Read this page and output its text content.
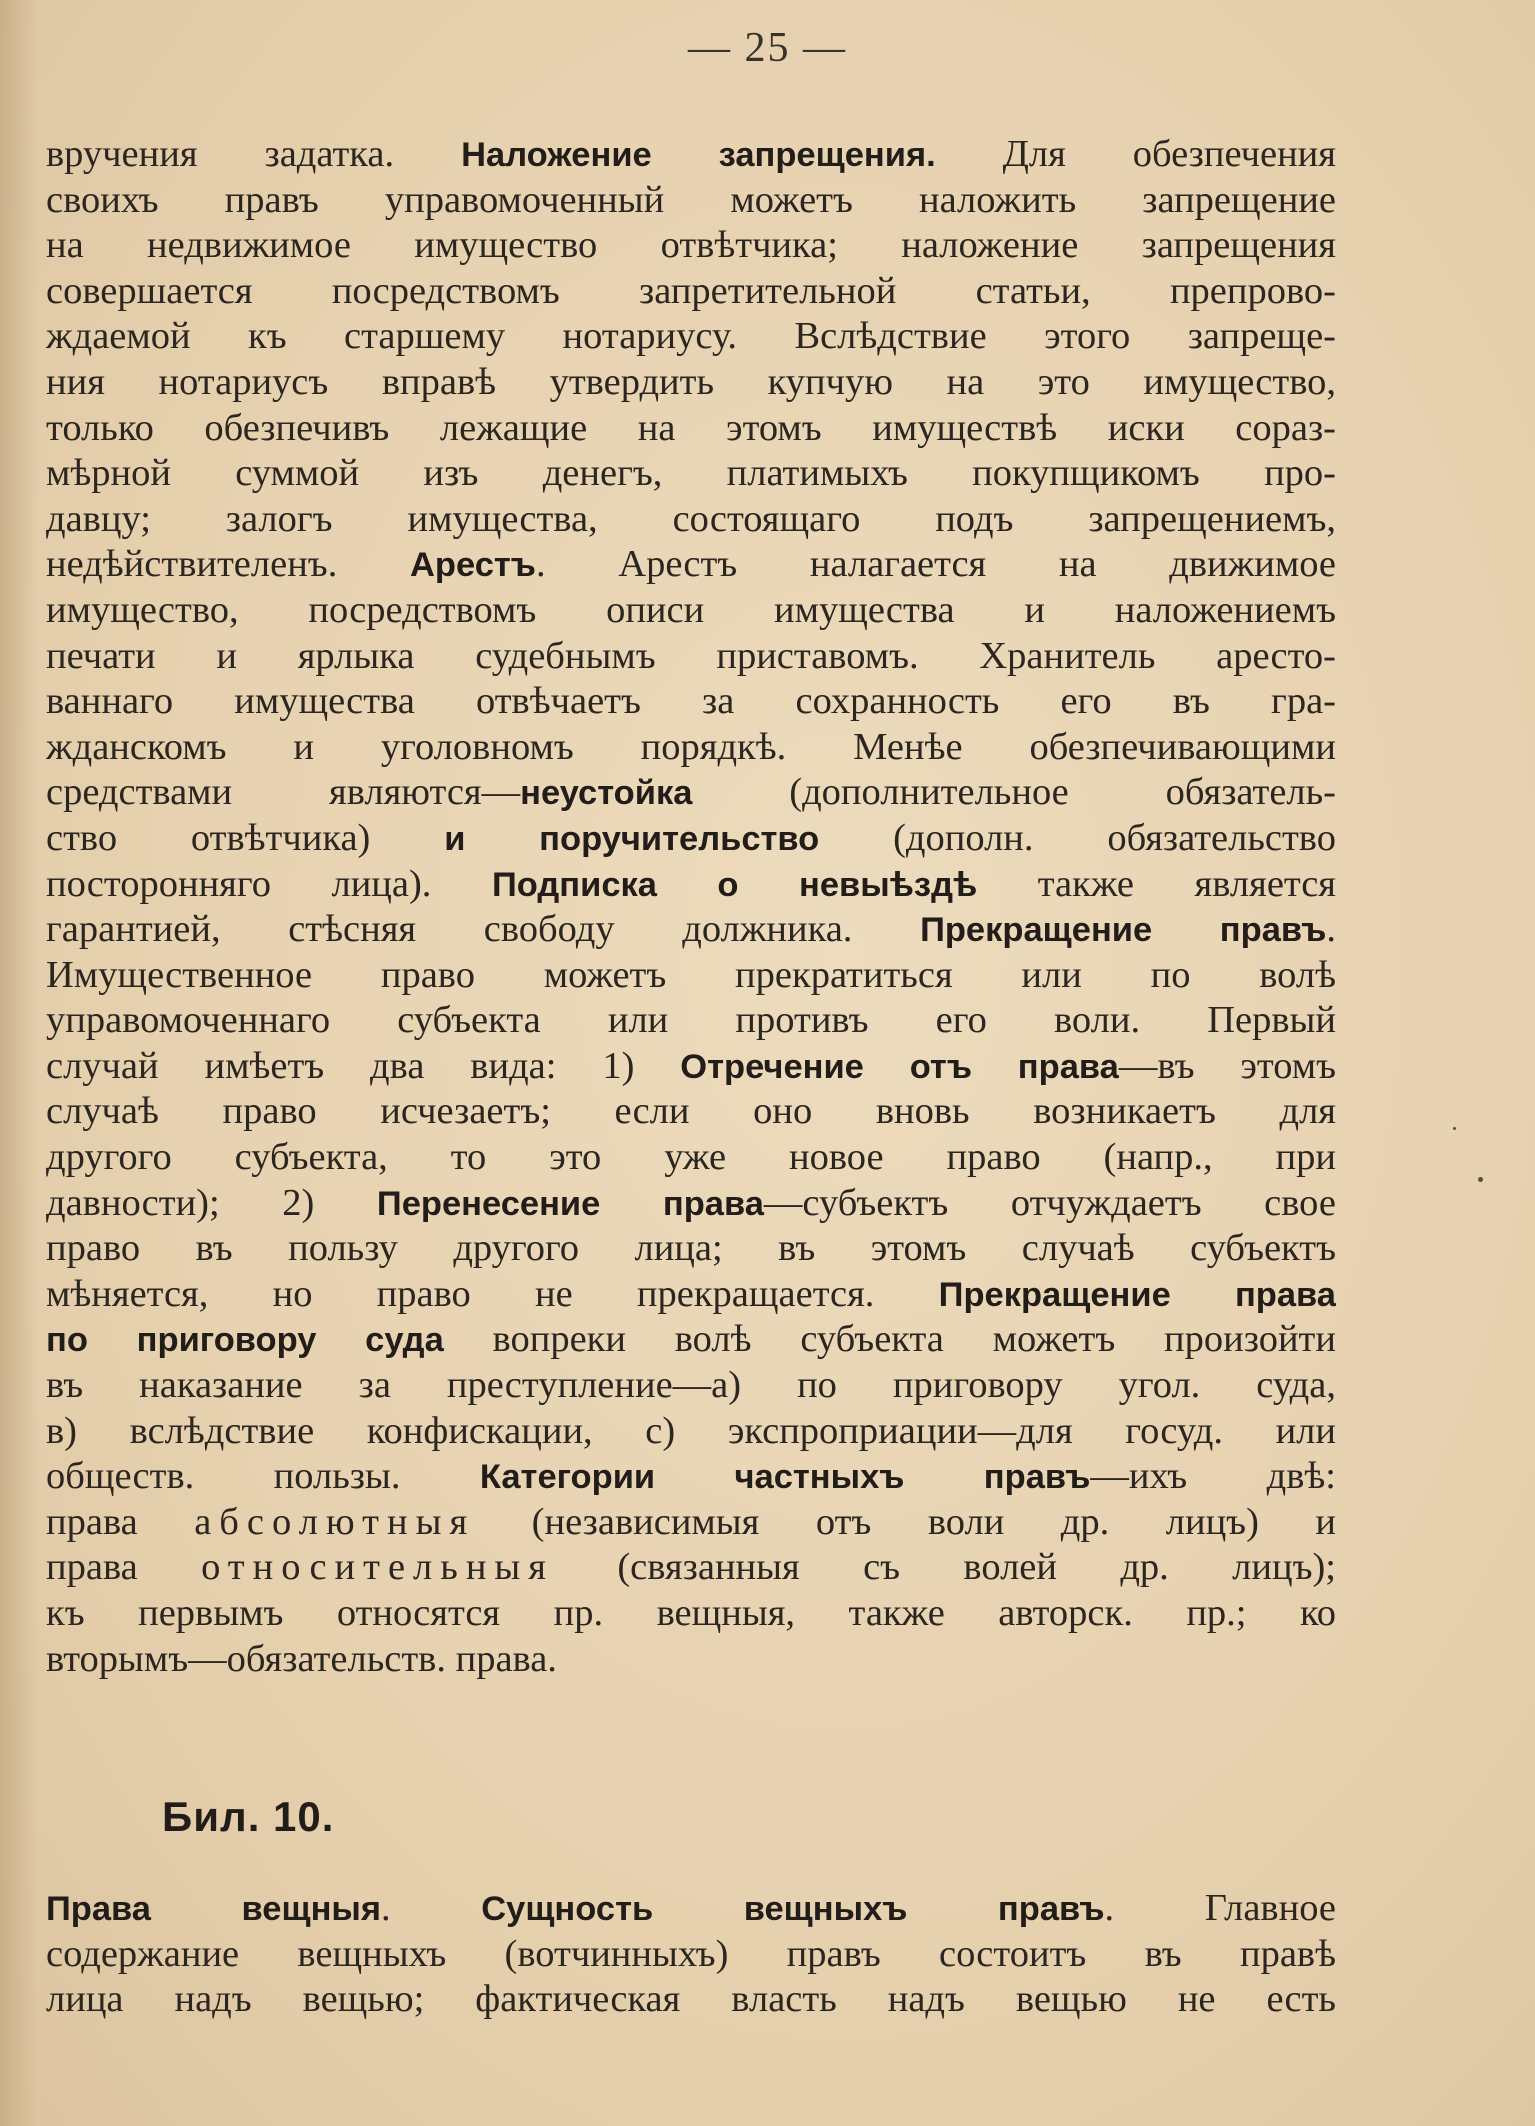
— 25 —
вручения задатка. Наложение запрещения. Для обезпечения
своихъ правъ управомоченный можетъ наложить запрещение
на недвижимое имущество отвѣтчика; наложение запрещения
совершается посредствомъ запретительной статьи, препрово-
ждаемой къ старшему нотариусу. Вслѣдствие этого запреще-
ния нотариусъ вправѣ утвердить купчую на это имущество,
только обезпечивъ лежащие на этомъ имуществѣ иски сораз-
мѣрной суммой изъ денегъ, платимыхъ покупщикомъ про-
давцу; залогъ имущества, состоящаго подъ запрещениемъ,
недѣйствителенъ. Арестъ. Арестъ налагается на движимое
имущество, посредствомъ описи имущества и наложениемъ
печати и ярлыка судебнымъ приставомъ. Хранитель аресто-
ваннаго имущества отвѣчаетъ за сохранность его въ гра-
жданскомъ и уголовномъ порядкѣ. Менѣе обезпечивающими
средствами являются—неустойка (дополнительное обязатель-
ство отвѣтчика) и поручительство (дополн. обязательство
посторонняго лица). Подписка о невыѣздѣ также является
гарантией, стѣсняя свободу должника. Прекращение правъ.
Имущественное право можетъ прекратиться или по волѣ
управомоченнаго субъекта или противъ его воли. Первый
случай имѣетъ два вида: 1) Отречение отъ права—въ этомъ
случаѣ право исчезаетъ; если оно вновь возникаетъ для
другого субъекта, то это уже новое право (напр., при
давности); 2) Перенесение права—субъектъ отчуждаетъ свое
право въ пользу другого лица; въ этомъ случаѣ субъектъ
мѣняется, но право не прекращается. Прекращение права
по приговору суда вопреки волѣ субъекта можетъ произойти
въ наказание за преступление—а) по приговору угол. суда,
в) вслѣдствие конфискации, с) экспроприации—для госуд. или
обществ. пользы. Категории частныхъ правъ—ихъ двѣ:
права абсолютныя (независимыя отъ воли др. лицъ) и
права относительныя (связанныя съ волей др. лицъ);
къ первымъ относятся пр. вещныя, также авторск. пр.; ко
вторымъ—обязательств. права.
Бил. 10.
Права вещныя. Сущность вещныхъ правъ. Главное
содержание вещныхъ (вотчинныхъ) правъ состоитъ въ правѣ
лица надъ вещью; фактическая власть надъ вещью не есть
